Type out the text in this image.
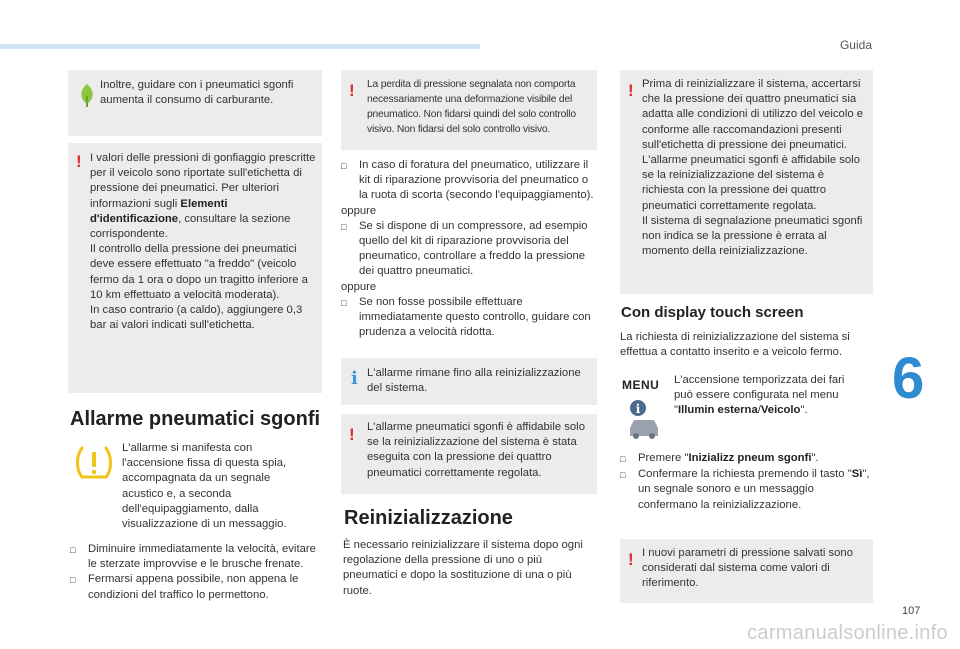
Guida
6
107
carmanualsonline.info
Inoltre, guidare con i pneumatici sgonfi aumenta il consumo di carburante.
! I valori delle pressioni di gonfiaggio prescritte per il veicolo sono riportate sull'etichetta di pressione dei pneumatici. Per ulteriori informazioni sugli Elementi d'identificazione, consultare la sezione corrispondente.
Il controllo della pressione dei pneumatici deve essere effettuato "a freddo" (veicolo fermo da 1 ora o dopo un tragitto inferiore a 10 km effettuato a velocità moderata).
In caso contrario (a caldo), aggiungere 0,3 bar ai valori indicati sull'etichetta.
Allarme pneumatici sgonfi
L'allarme si manifesta con l'accensione fissa di questa spia, accompagnata da un segnale acustico e, a seconda dell'equipaggiamento, dalla visualizzazione di un messaggio.
□	Diminuire immediatamente la velocità, evitare le sterzate improvvise e le brusche frenate.
□	Fermarsi appena possibile, non appena le condizioni del traffico lo permettono.
! La perdita di pressione segnalata non comporta necessariamente una deformazione visibile del pneumatico. Non fidarsi quindi del solo controllo visivo. Non fidarsi del solo controllo visivo.
□	In caso di foratura del pneumatico, utilizzare il kit di riparazione provvisoria del pneumatico o la ruota di scorta (secondo l'equipaggiamento).
oppure
□	Se si dispone di un compressore, ad esempio quello del kit di riparazione provvisoria del pneumatico, controllare a freddo la pressione dei quattro pneumatici.
oppure
□	Se non fosse possibile effettuare immediatamente questo controllo, guidare con prudenza a velocità ridotta.
i L'allarme rimane fino alla reinizializzazione del sistema.
! L'allarme pneumatici sgonfi è affidabile solo se la reinizializzazione del sistema è stata eseguita con la pressione dei quattro pneumatici correttamente regolata.
Reinizializzazione
È necessario reinizializzare il sistema dopo ogni regolazione della pressione di uno o più pneumatici e dopo la sostituzione di una o più ruote.
! Prima di reinizializzare il sistema, accertarsi che la pressione dei quattro pneumatici sia adatta alle condizioni di utilizzo del veicolo e conforme alle raccomandazioni presenti sull'etichetta di pressione dei pneumatici.
L'allarme pneumatici sgonfi è affidabile solo se la reinizializzazione del sistema è richiesta con la pressione dei quattro pneumatici correttamente regolata.
Il sistema di segnalazione pneumatici sgonfi non indica se la pressione è errata al momento della reinizializzazione.
Con display touch screen
La richiesta di reinizializzazione del sistema si effettua a contatto inserito e a veicolo fermo.
MENU
i
L'accensione temporizzata dei fari può essere configurata nel menu "Illumin esterna/Veicolo".
□	Premere "Inizializz pneum sgonfi".
□	Confermare la richiesta premendo il tasto "Sì", un segnale sonoro e un messaggio confermano la reinizializzazione.
! I nuovi parametri di pressione salvati sono considerati dal sistema come valori di riferimento.
